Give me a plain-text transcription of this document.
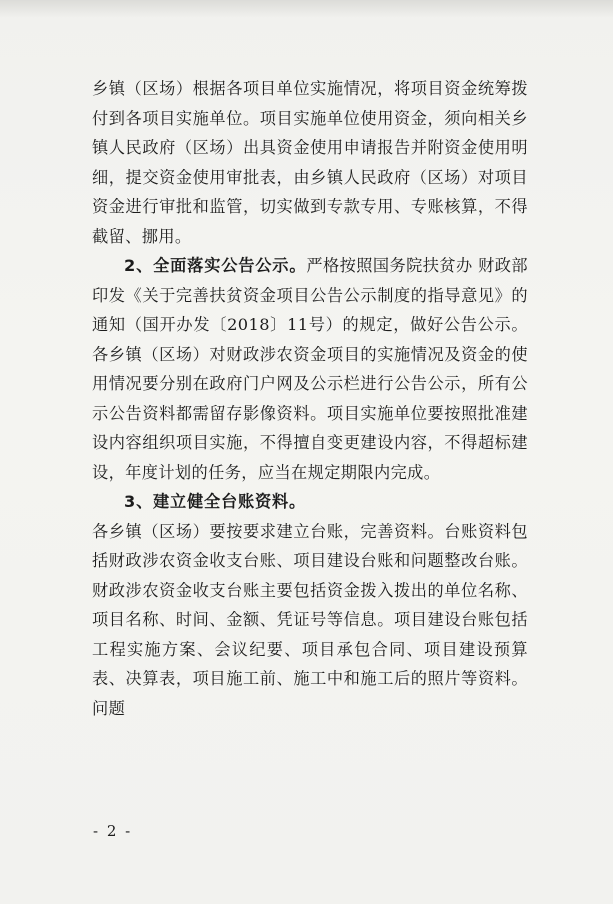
乡镇（区场）根据各项目单位实施情况，将项目资金统筹拨付到各项目实施单位。项目实施单位使用资金，须向相关乡镇人民政府（区场）出具资金使用申请报告并附资金使用明细，提交资金使用审批表，由乡镇人民政府（区场）对项目资金进行审批和监管，切实做到专款专用、专账核算，不得截留、挪用。

2、全面落实公告公示。严格按照国务院扶贫办 财政部印发《关于完善扶贫资金项目公告公示制度的指导意见》的通知（国开办发〔2018〕11号）的规定，做好公告公示。各乡镇（区场）对财政涉农资金项目的实施情况及资金的使用情况要分别在政府门户网及公示栏进行公告公示，所有公示公告资料都需留存影像资料。项目实施单位要按照批准建设内容组织项目实施，不得擅自变更建设内容，不得超标建设，年度计划的任务，应当在规定期限内完成。

3、建立健全台账资料。

各乡镇（区场）要按要求建立台账，完善资料。台账资料包括财政涉农资金收支台账、项目建设台账和问题整改台账。财政涉农资金收支台账主要包括资金拨入拨出的单位名称、项目名称、时间、金额、凭证号等信息。项目建设台账包括工程实施方案、会议纪要、项目承包合同、项目建设预算表、决算表，项目施工前、施工中和施工后的照片等资料。问题

- 2 -
